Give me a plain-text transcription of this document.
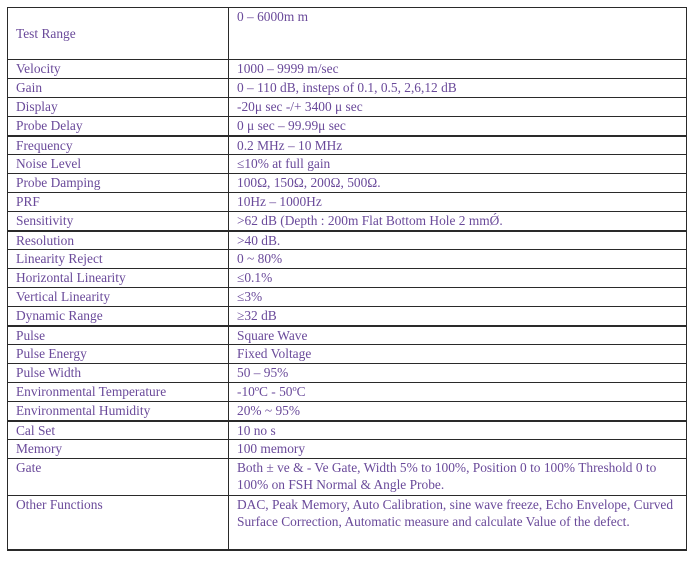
Test Range	0 – 6000m m
Velocity	1000 – 9999 m/sec
Gain	0 – 110 dB, insteps of 0.1, 0.5, 2,6,12 dB
Display	-20μ sec -/+ 3400 μ sec
Probe Delay	0 μ sec – 99.99μ sec
Frequency	0.2 MHz – 10 MHz
Noise Level	≤10% at full gain
Probe Damping	100Ω, 150Ω, 200Ω, 500Ω.
PRF	10Hz – 1000Hz
Sensitivity	>62 dB (Depth : 200m Flat Bottom Hole 2 mmǾ.
Resolution	>40 dB.
Linearity Reject	0 ~ 80%
Horizontal Linearity	≤0.1%
Vertical Linearity	≤3%
Dynamic Range	≥32 dB
Pulse	Square Wave
Pulse Energy	Fixed Voltage
Pulse Width	50 – 95%
Environmental Temperature	-10ºC - 50ºC
Environmental Humidity	20% ~ 95%
Cal Set	10 no s
Memory	100 memory
Gate	Both ± ve & - Ve Gate, Width 5% to 100%, Position 0 to 100% Threshold 0 to 100% on FSH Normal & Angle Probe.
Other Functions	DAC, Peak Memory, Auto Calibration, sine wave freeze, Echo Envelope, Curved Surface Correction, Automatic measure and calculate Value of the defect.
